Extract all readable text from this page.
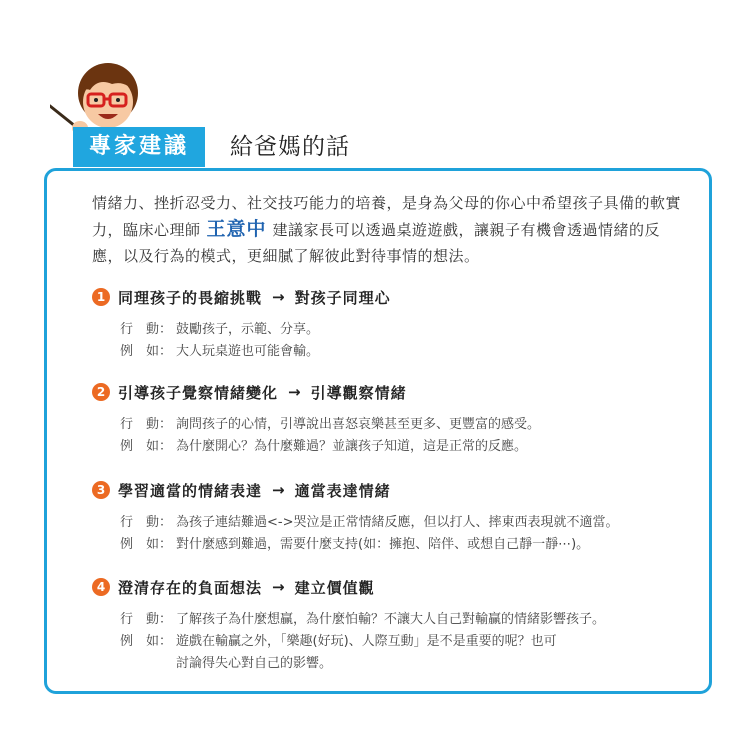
專家建議	給爸媽的話
情緒力、挫折忍受力、社交技巧能力的培養，是身為父母的你心中希望孩子具備的軟實力，臨床心理師 王意中 建議家長可以透過桌遊遊戲，讓親子有機會透過情緒的反應，以及行為的模式，更細膩了解彼此對待事情的想法。
1 同理孩子的畏縮挑戰 → 對孩子同理心
行 動： 鼓勵孩子，示範、分享。
例 如： 大人玩桌遊也可能會輸。
2 引導孩子覺察情緒變化 → 引導觀察情緒
行 動： 詢問孩子的心情，引導說出喜怒哀樂甚至更多、更豐富的感受。
例 如： 為什麼開心？為什麼難過？並讓孩子知道，這是正常的反應。
3 學習適當的情緒表達 → 適當表達情緒
行 動： 為孩子連結難過<->哭泣是正常情緒反應，但以打人、摔東西表現就不適當。
例 如： 對什麼感到難過，需要什麼支持(如：擁抱、陪伴、或想自己靜一靜⋯)。
4 澄清存在的負面想法 → 建立價值觀
行 動： 了解孩子為什麼想贏，為什麼怕輸？不讓大人自己對輸贏的情緒影響孩子。
例 如： 遊戲在輸贏之外，「樂趣(好玩)、人際互動」是不是重要的呢？也可
討論得失心對自己的影響。
